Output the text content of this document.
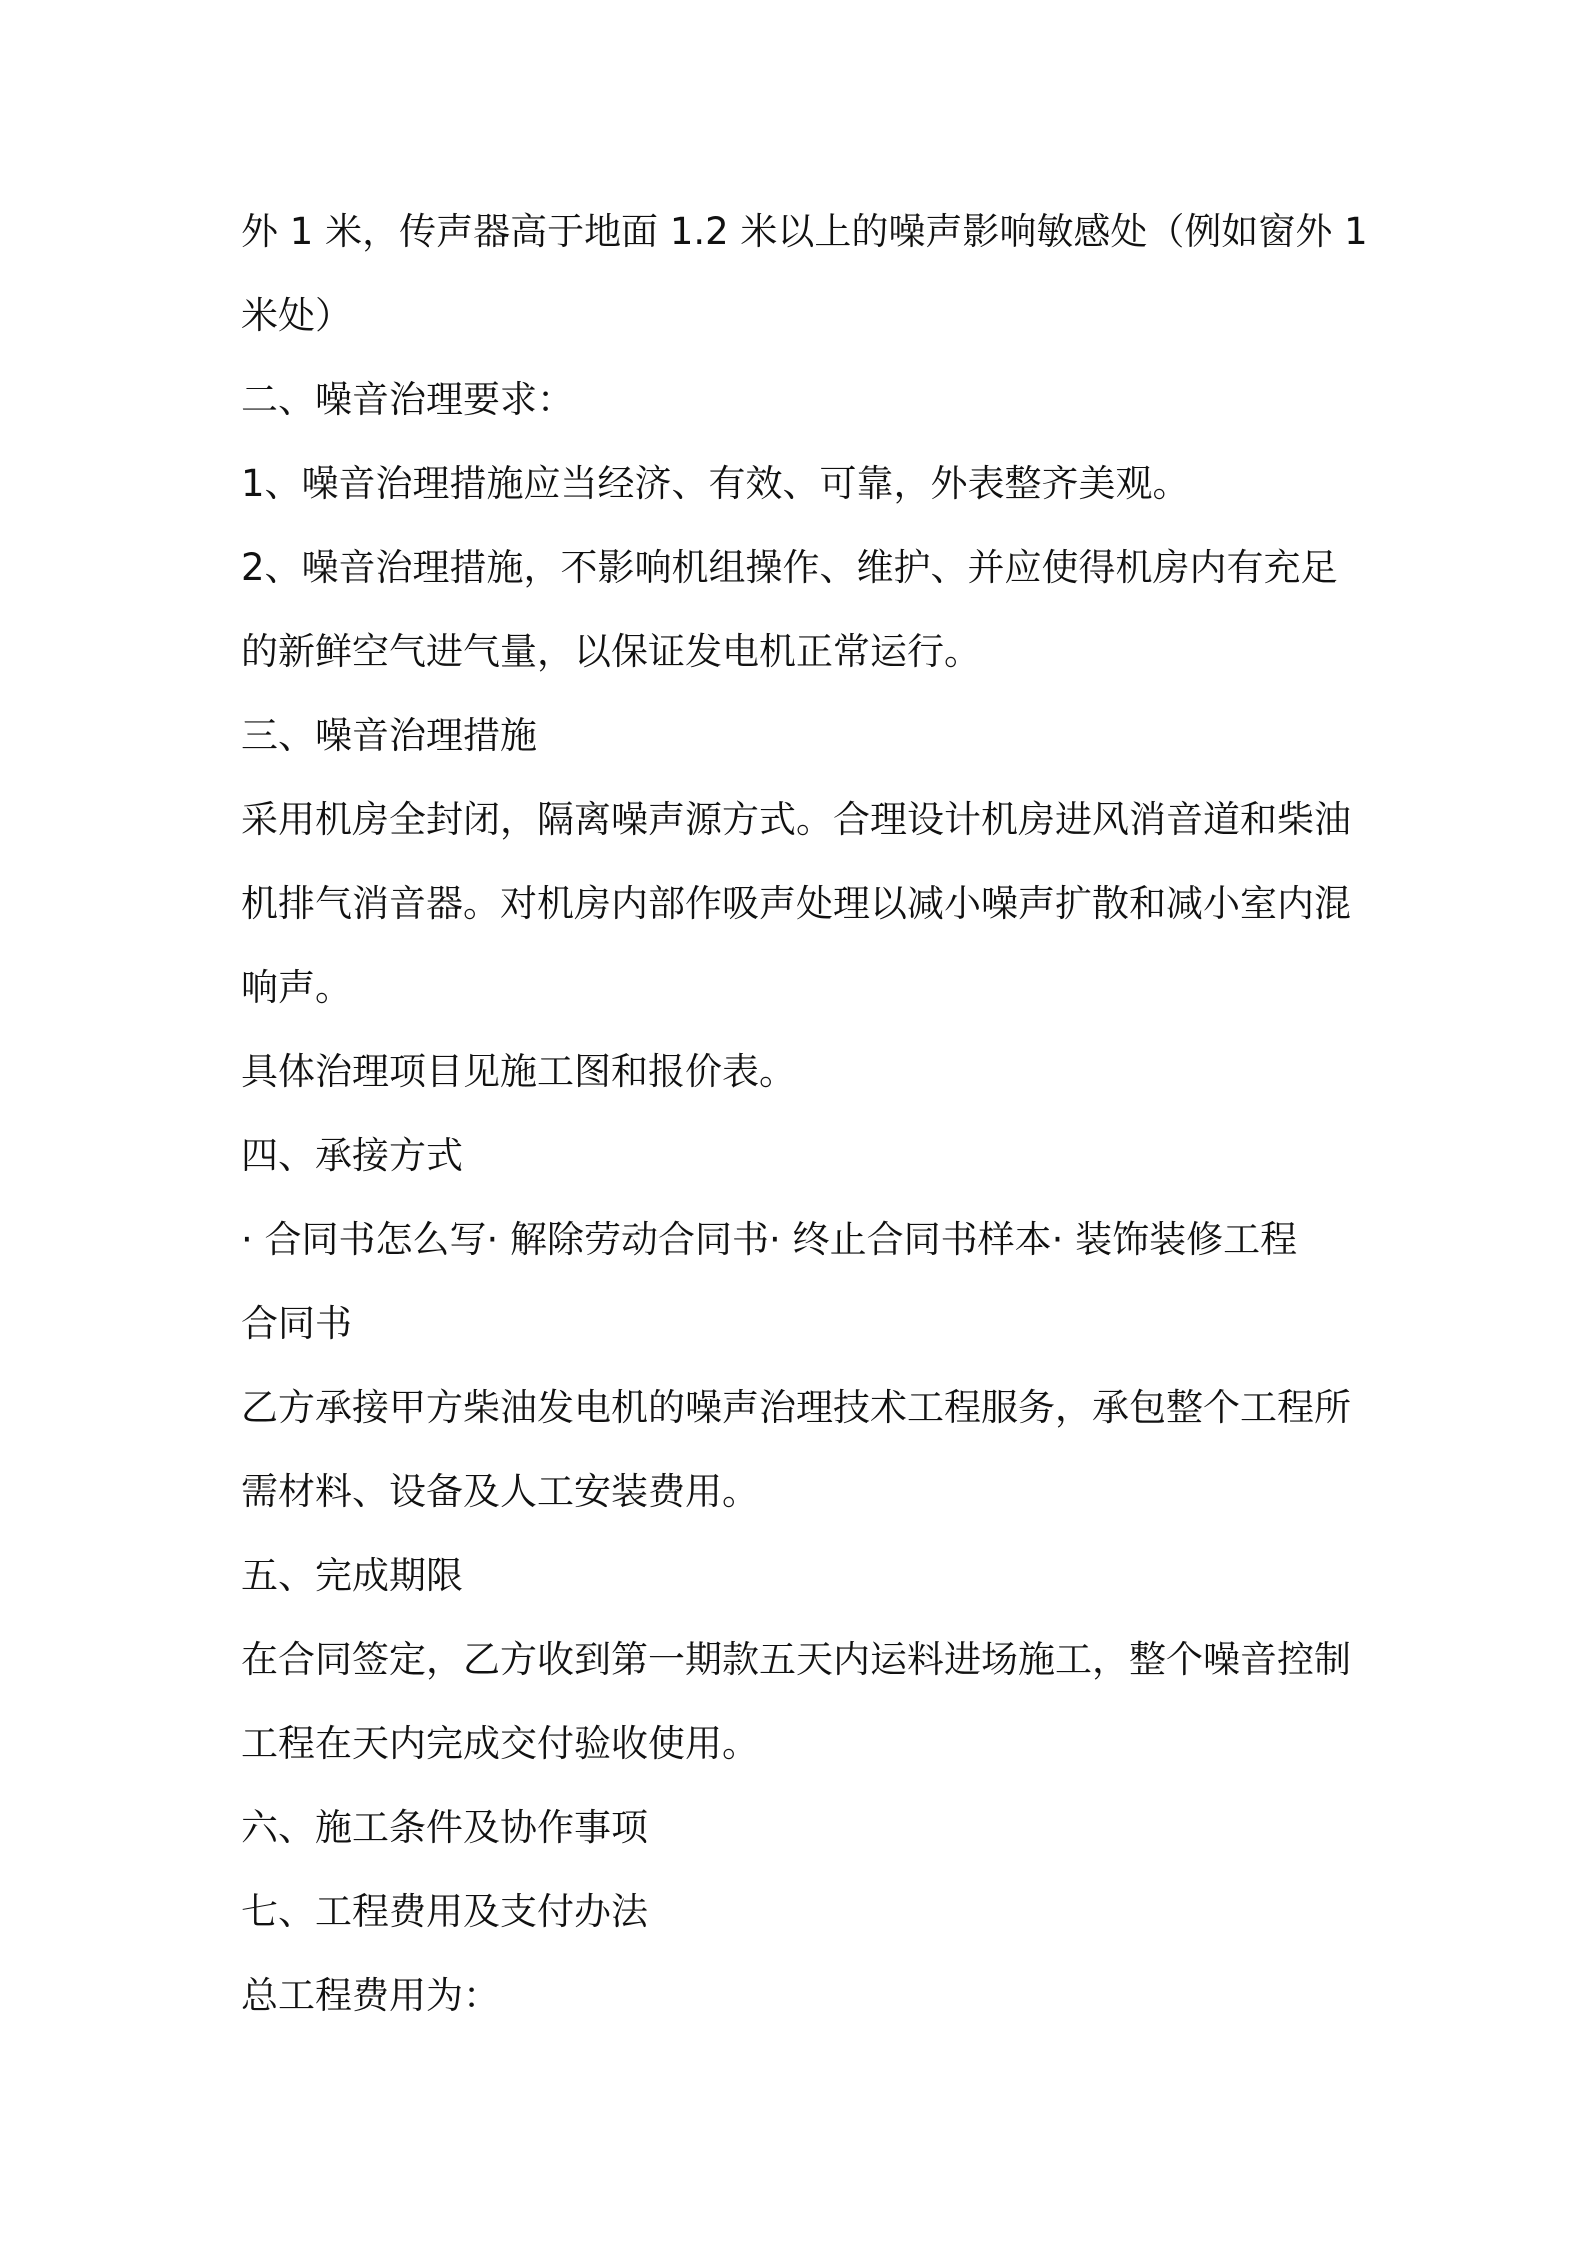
外 1 米，传声器高于地面 1.2 米以上的噪声影响敏感处（例如窗外 1
米处）
二、噪音治理要求：
1、噪音治理措施应当经济、有效、可靠，外表整齐美观。
2、噪音治理措施，不影响机组操作、维护、并应使得机房内有充足
的新鲜空气进气量，以保证发电机正常运行。
三、噪音治理措施
采用机房全封闭，隔离噪声源方式。合理设计机房进风消音道和柴油
机排气消音器。对机房内部作吸声处理以减小噪声扩散和减小室内混
响声。
具体治理项目见施工图和报价表。
四、承接方式
· 合同书怎么写· 解除劳动合同书· 终止合同书样本· 装饰装修工程
合同书
乙方承接甲方柴油发电机的噪声治理技术工程服务，承包整个工程所
需材料、设备及人工安装费用。
五、完成期限
在合同签定，乙方收到第一期款五天内运料进场施工，整个噪音控制
工程在天内完成交付验收使用。
六、施工条件及协作事项
七、工程费用及支付办法
总工程费用为：
